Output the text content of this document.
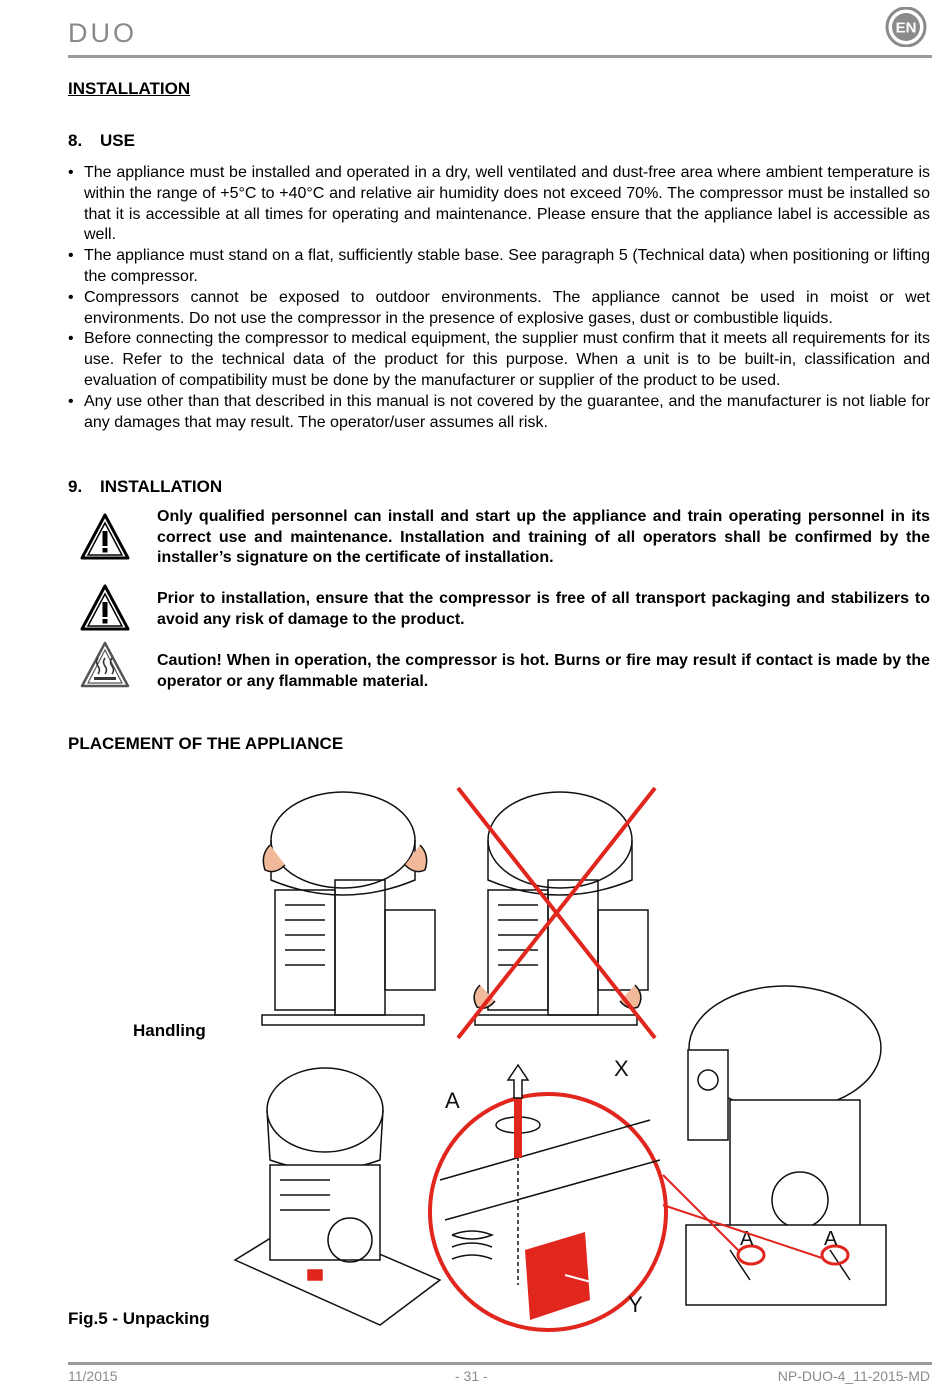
DUO	EN
INSTALLATION
8. USE
• The appliance must be installed and operated in a dry, well ventilated and dust-free area where ambient temperature is within the range of +5°C to +40°C and relative air humidity does not exceed 70%. The compressor must be installed so that it is accessible at all times for operating and maintenance. Please ensure that the appliance label is accessible as well.
• The appliance must stand on a flat, sufficiently stable base. See paragraph 5 (Technical data) when positioning or lifting the compressor.
• Compressors cannot be exposed to outdoor environments. The appliance cannot be used in moist or wet environments. Do not use the compressor in the presence of explosive gases, dust or combustible liquids.
• Before connecting the compressor to medical equipment, the supplier must confirm that it meets all requirements for its use. Refer to the technical data of the product for this purpose. When a unit is to be built-in, classification and evaluation of compatibility must be done by the manufacturer or supplier of the product to be used.
• Any use other than that described in this manual is not covered by the guarantee, and the manufacturer is not liable for any damages that may result. The operator/user assumes all risk.
9. INSTALLATION
Only qualified personnel can install and start up the appliance and train operating personnel in its correct use and maintenance. Installation and training of all operators shall be confirmed by the installer’s signature on the certificate of installation.
Prior to installation, ensure that the compressor is free of all transport packaging and stabilizers to avoid any risk of damage to the product.
Caution! When in operation, the compressor is hot. Burns or fire may result if contact is made by the operator or any flammable material.
PLACEMENT OF THE APPLIANCE
Handling
Fig.5 - Unpacking
A
X
Y
A	A
11/2015	- 31 -	NP-DUO-4_11-2015-MD
